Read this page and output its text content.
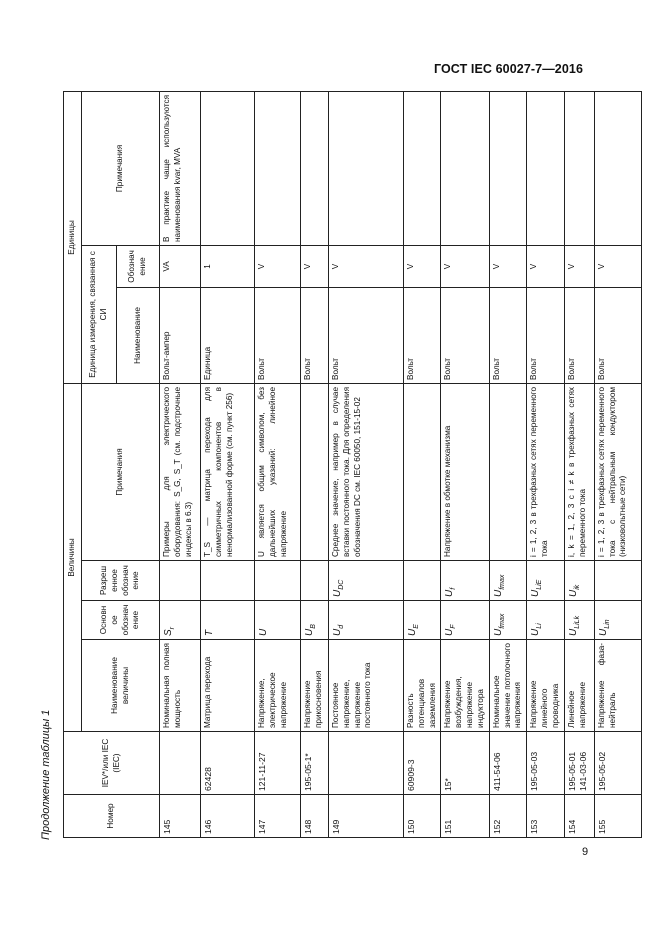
ГОСТ IEC 60027-7—2016
Продолжение таблицы 1	Номер	IEV*/или IEC (IEC)	Величины				Единицы		
		Наименование величины	Основное обозначение	Разрешенное обозначение	Примечания	Единица измерения, связанная с СИ		Примечания
						Наименование	Обозначение	
145		Номинальная полная мощность	$S_r$		Примеры для электрического оборудования: S_G, S_T (см. подстрочные индексы в 6.3)	Вольт-ампер	VA	В практике чаще используются наименования kvar, MVA
146	62428	Матрица перехода	T		T_S — матрица перехода для симметричных компонентов в ненормализованной форме (см. пункт 256)	Единица	1	
147	121-11-27	Напряжение, электрическое напряжение	U		U является общим символом, без дальнейших указаний: линейное напряжение	Вольт	V	
148	195-05-1*	Напряжение прикосновения	$U_B$			Вольт	V	
149		Постоянное напряжение, напряжение постоянного тока	$U_d$	$U_{DC}$	Среднее значение, например в случае вставки постоянного тока. Для определения обозначения DC см. IEC 60050, 151-15-02	Вольт	V	
150	60909-3	Разность потенциалов заземления	$U_E$			Вольт	V	
151	15*	Напряжение возбуждения, напряжение индуктора	$U_F$	$U_f$	Напряжение в обмотке механизма	Вольт	V	
152	411-54-06	Номинальное значение потолочного напряжения	$U_{fmax}$	$U_{fmax}$		Вольт	V	
153	195-05-03	Напряжение линейного проводника	$U_{Li}$	$U_{LiE}$	i = 1, 2, 3 в трехфазных сетях переменного тока	Вольт	V	
154	195-05-01 141-03-06	Линейное напряжение	$U_{LiLk}$	$U_{ik}$	i, k = 1, 2, 3 с i ≠ k в трехфазных сетях переменного тока	Вольт	V	
155	195-05-02	Напряжение фаза-нейтраль	$U_{Lin}$		i = 1, 2, 3 в трехфазных сетях переменного тока с нейтральным кондуктором (низковольтные сети)	Вольт	V	
9
